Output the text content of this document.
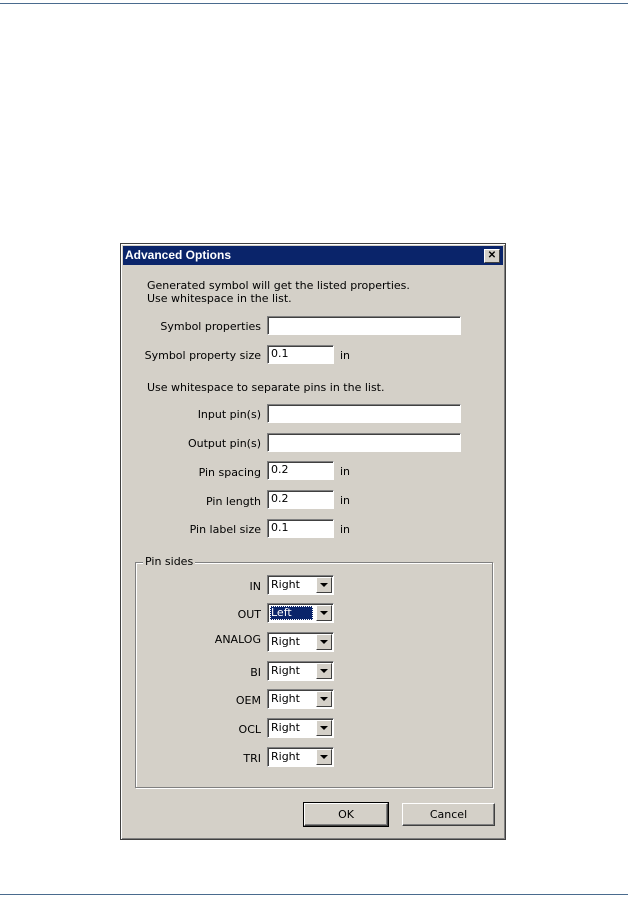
Advanced Options	✕
Generated symbol will get the listed properties.
Use whitespace in the list.
Symbol properties
Symbol property size 0.1	in
Use whitespace to separate pins in the list.
Input pin(s)
Output pin(s)
Pin spacing 0.2	in
Pin length 0.2	in
Pin label size 0.1	in
Pin sides
IN Right
OUT Left
ANALOG Right
BI Right
OEM Right
OCL Right
TRI Right
OK	Cancel
